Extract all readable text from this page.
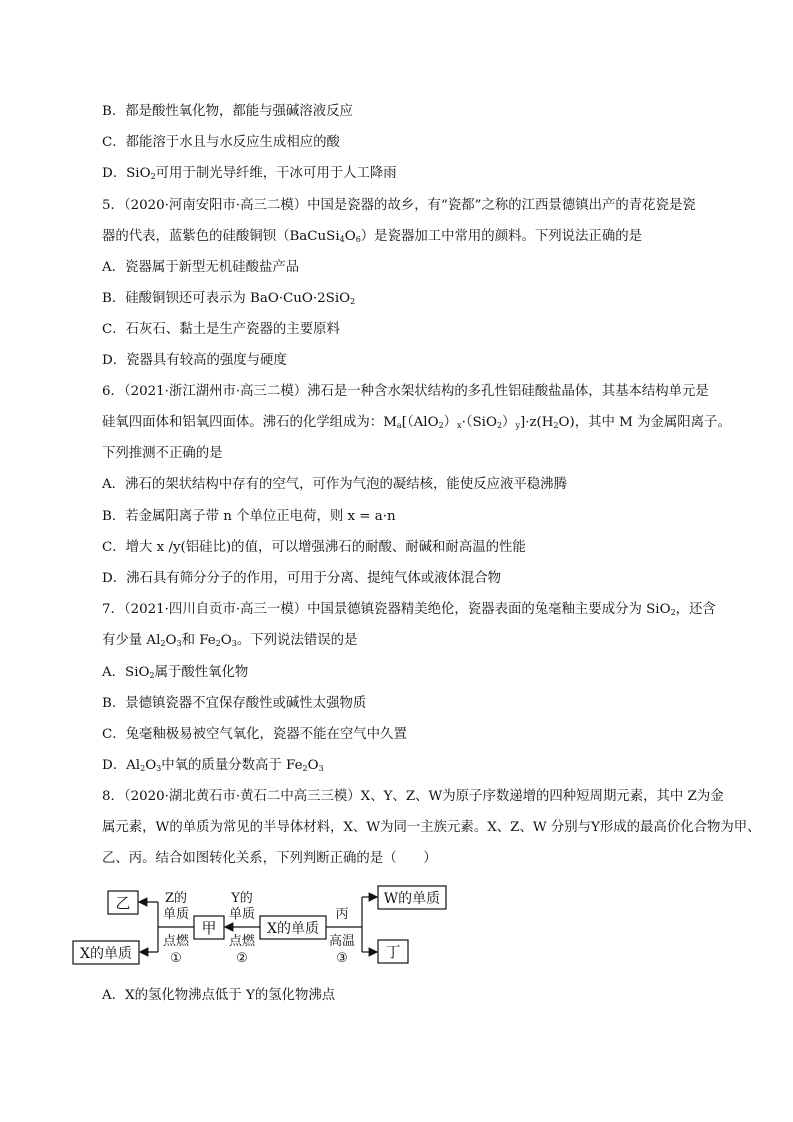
B．都是酸性氧化物，都能与强碱溶液反应
C．都能溶于水且与水反应生成相应的酸
D．SiO$_2$可用于制光导纤维，干冰可用于人工降雨
5．（2020·河南安阳市·高三二模）中国是瓷器的故乡，有“瓷都”之称的江西景德镇出产的青花瓷是瓷
器的代表，蓝紫色的硅酸铜钡$(BaCuSi_4O_6)$是瓷器加工中常用的颜料。下列说法正确的是
A．瓷器属于新型无机硅酸盐产品
B．硅酸铜钡还可表示为 BaO·CuO·2SiO$_2$
C．石灰石、黏土是生产瓷器的主要原料
D．瓷器具有较高的强度与硬度
6．（2021·浙江湖州市·高三二模）沸石是一种含水架状结构的多孔性铝硅酸盐晶体，其基本结构单元是
硅氧四面体和铝氧四面体。沸石的化学组成为：$M_a[(AlO_2)_x\cdot(SiO_2)_y]\cdot z(H_2O)$，其中 M 为金属阳离子。
下列推测不正确的是
A．沸石的架状结构中存有的空气，可作为气泡的凝结核，能使反应液平稳沸腾
B．若金属阳离子带 n 个单位正电荷，则 x = a·n
C．增大 x /y(铝硅比)的值，可以增强沸石的耐酸、耐碱和耐高温的性能
D．沸石具有筛分分子的作用，可用于分离、提纯气体或液体混合物
7．（2021·四川自贡市·高三一模）中国景德镇瓷器精美绝伦，瓷器表面的兔毫釉主要成分为 SiO$_2$，还含
有少量 $Al_2O_3$和 $Fe_2O_3$。下列说法错误的是
A．SiO$_2$属于酸性氧化物
B．景德镇瓷器不宜保存酸性或碱性太强物质
C．兔毫釉极易被空气氧化，瓷器不能在空气中久置
D．$Al_2O_3$中氧的质量分数高于 $Fe_2O_3$
8．（2020·湖北黄石市·黄石二中高三三模）X、Y、Z、W为原子序数递增的四种短周期元素，其中 Z为金
属元素，W的单质为常见的半导体材料，X、W为同一主族元素。X、Z、W 分别与Y形成的最高价化合物为甲、
乙、丙。结合如图转化关系，下列判断正确的是（　　）
乙
X的单质
甲	X的单质
W的单质
丁
Z的
单质
点燃
①
Y的
单质
点燃
②
丙
高温
③
A．X的氢化物沸点低于 Y的氢化物沸点
